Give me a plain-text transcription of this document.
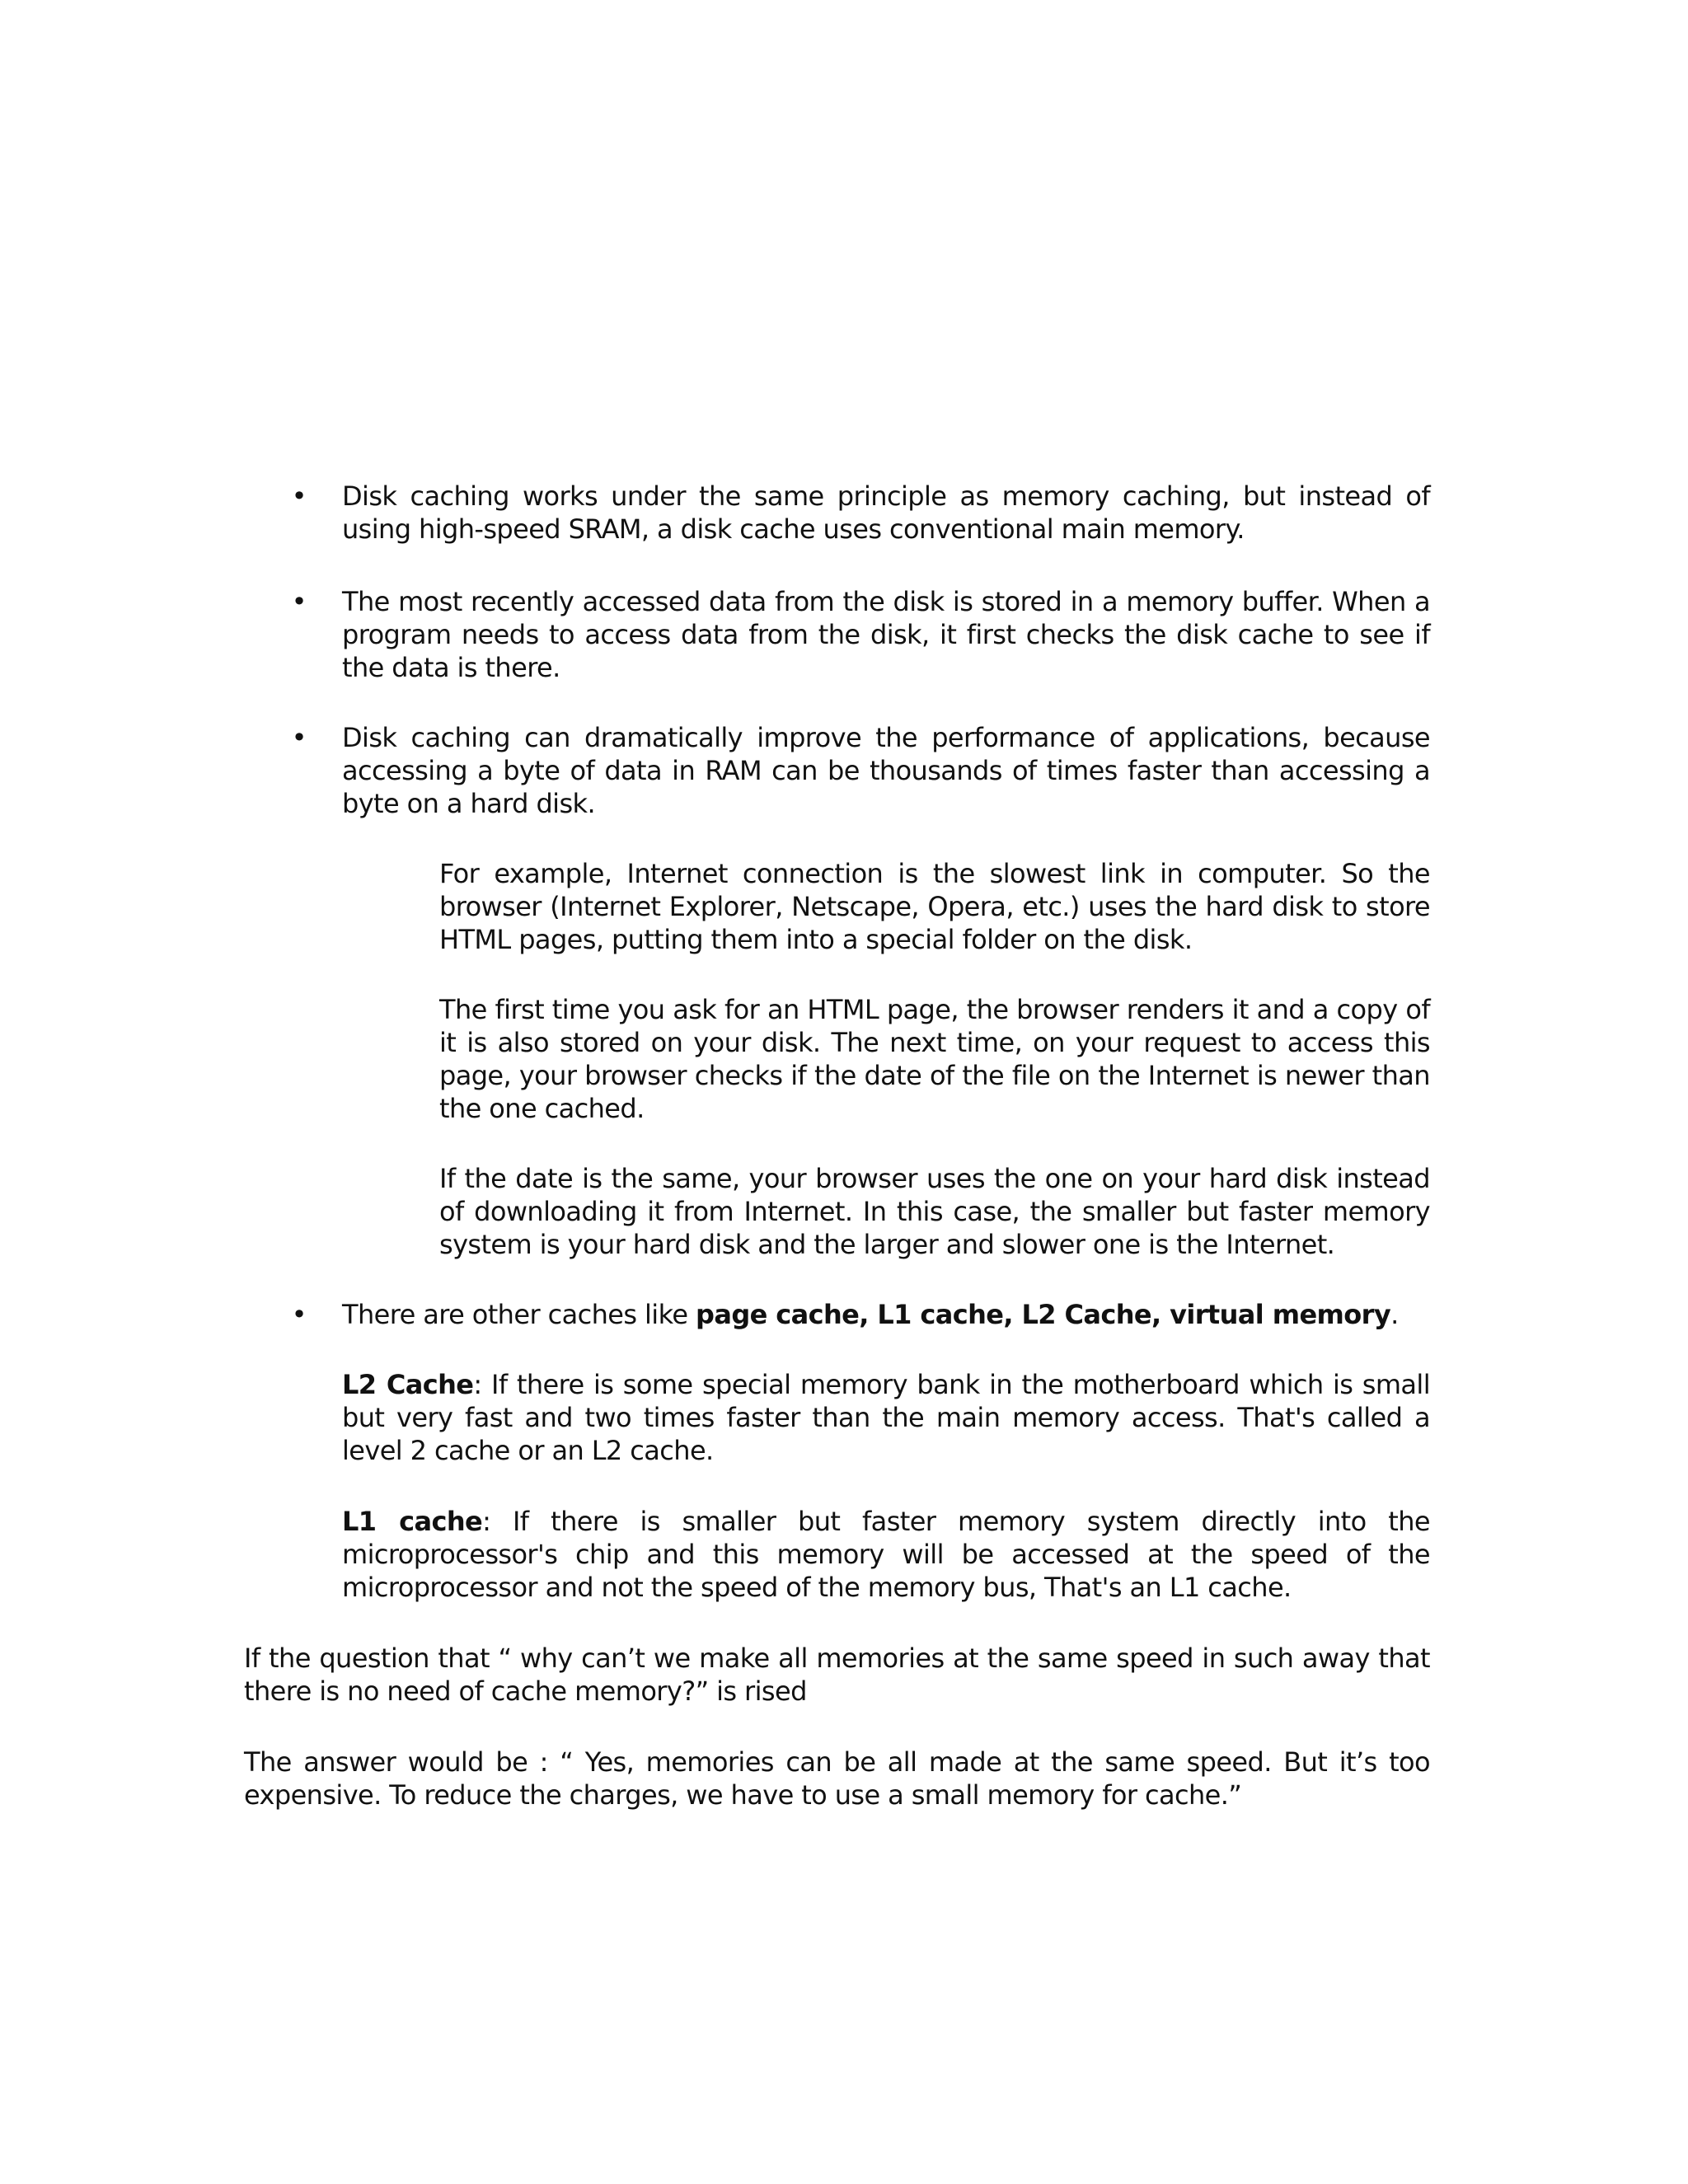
• Disk caching works under the same principle as memory caching, but instead of using high-speed SRAM, a disk cache uses conventional main memory.

• The most recently accessed data from the disk is stored in a memory buffer. When a program needs to access data from the disk, it first checks the disk cache to see if the data is there.

• Disk caching can dramatically improve the performance of applications, because accessing a byte of data in RAM can be thousands of times faster than accessing a byte on a hard disk.

For example, Internet connection is the slowest link in computer. So the browser (Internet Explorer, Netscape, Opera, etc.) uses the hard disk to store HTML pages, putting them into a special folder on the disk.

The first time you ask for an HTML page, the browser renders it and a copy of it is also stored on your disk. The next time, on your request to access this page, your browser checks if the date of the file on the Internet is newer than the one cached.

If the date is the same, your browser uses the one on your hard disk instead of downloading it from Internet. In this case, the smaller but faster memory system is your hard disk and the larger and slower one is the Internet.

• There are other caches like page cache, L1 cache, L2 Cache, virtual memory.

L2 Cache: If there is some special memory bank in the motherboard which is small but very fast and two times faster than the main memory access. That's called a level 2 cache or an L2 cache.

L1 cache: If there is smaller but faster memory system directly into the microprocessor's chip and this memory will be accessed at the speed of the microprocessor and not the speed of the memory bus, That's an L1 cache.

If the question that “ why can’t we make all memories at the same speed in such away that there is no need of cache memory?” is rised

The answer would be : “ Yes, memories can be all made at the same speed. But it’s too expensive. To reduce the charges, we have to use a small memory for cache.”
